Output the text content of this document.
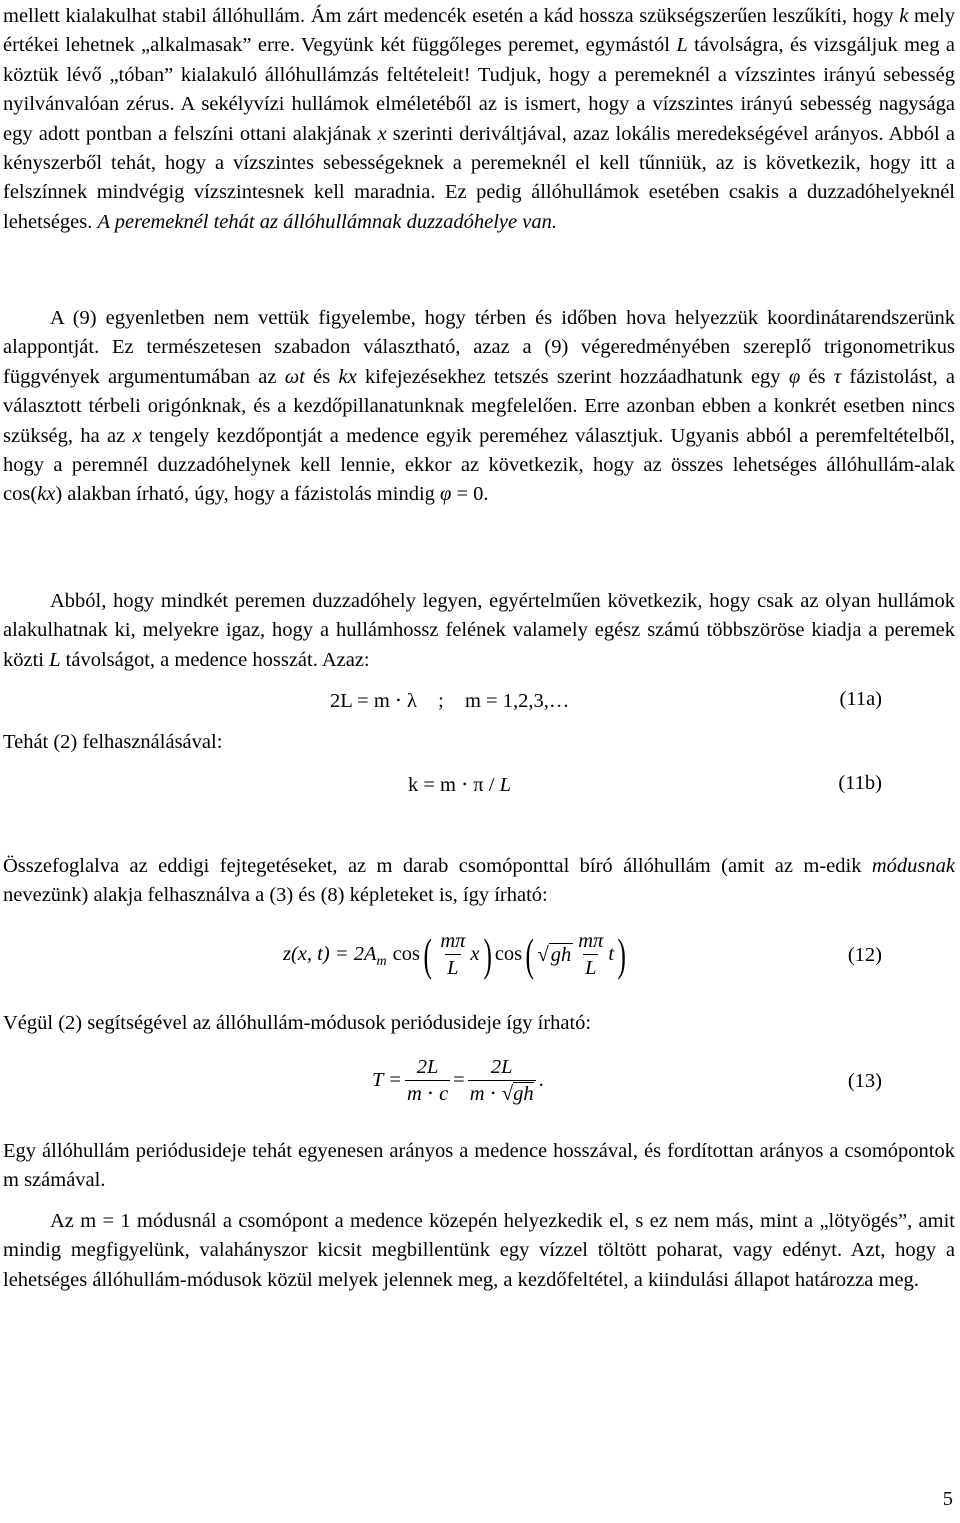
mellett kialakulhat stabil állóhullám. Ám zárt medencék esetén a kád hossza szükségszerűen leszűkíti, hogy k mely értékei lehetnek „alkalmasak” erre. Vegyünk két függőleges peremet, egymástól L távolságra, és vizsgáljuk meg a köztük lévő „tóban” kialakuló állóhullámzás feltételeit! Tudjuk, hogy a peremeknél a vízszintes irányú sebesség nyilvánvalóan zérus. A sekélyvízi hullámok elméletéből az is ismert, hogy a vízszintes irányú sebesség nagysága egy adott pontban a felszíni ottani alakjának x szerinti deriváltjával, azaz lokális meredekségével arányos. Abból a kényszerből tehát, hogy a vízszintes sebességeknek a peremeknél el kell tűnniük, az is következik, hogy itt a felszínnek mindvégig vízszintesnek kell maradnia. Ez pedig állóhullámok esetében csakis a duzzadóhelyeknél lehetséges. A peremeknél tehát az állóhullámnak duzzadóhelye van.

A (9) egyenletben nem vettük figyelembe, hogy térben és időben hova helyezzük koordinátarendszerünk alappontját. Ez természetesen szabadon választható, azaz a (9) végeredményében szereplő trigonometrikus függvények argumentumában az ωt és kx kifejezésekhez tetszés szerint hozzáadhatunk egy φ és τ fázistolást, a választott térbeli origónknak, és a kezdőpillanatunknak megfelelően. Erre azonban ebben a konkrét esetben nincs szükség, ha az x tengely kezdőpontját a medence egyik pereméhez választjuk. Ugyanis abból a peremfeltételből, hogy a peremnél duzzadóhelynek kell lennie, ekkor az következik, hogy az összes lehetséges állóhullám-alak cos(kx) alakban írható, úgy, hogy a fázistolás mindig φ = 0.

Abból, hogy mindkét peremen duzzadóhely legyen, egyértelműen következik, hogy csak az olyan hullámok alakulhatnak ki, melyekre igaz, hogy a hullámhossz felének valamely egész számú többszöröse kiadja a peremek közti L távolságot, a medence hosszát. Azaz:

2L = m ⋅ λ ; m = 1,2,3,…	(11a)
Tehát (2) felhasználásával:
k = m ⋅ π / L	(11b)

Összefoglalva az eddigi fejtegetéseket, az m darab csomóponttal bíró állóhullám (amit az m-edik módusnak nevezünk) alakja felhasználva a (3) és (8) képleteket is, így írható:

z(x, t) = 2A m cos ( $\frac{m\pi}{L}$ x ) cos ( √ gh $\frac{m\pi}{L}$ t )	(12)

Végül (2) segítségével az állóhullám-módusok periódusideje így írható:

$T = \frac{2L}{m \cdot c} = \frac{2L}{m \cdot √gh}$ .	(13)

Egy állóhullám periódusideje tehát egyenesen arányos a medence hosszával, és fordítottan arányos a csomópontok m számával.

Az m = 1 módusnál a csomópont a medence közepén helyezkedik el, s ez nem más, mint a „lötyögés”, amit mindig megfigyelünk, valahányszor kicsit megbillentünk egy vízzel töltött poharat, vagy edényt. Azt, hogy a lehetséges állóhullám-módusok közül melyek jelennek meg, a kezdőfeltétel, a kiindulási állapot határozza meg.

5
